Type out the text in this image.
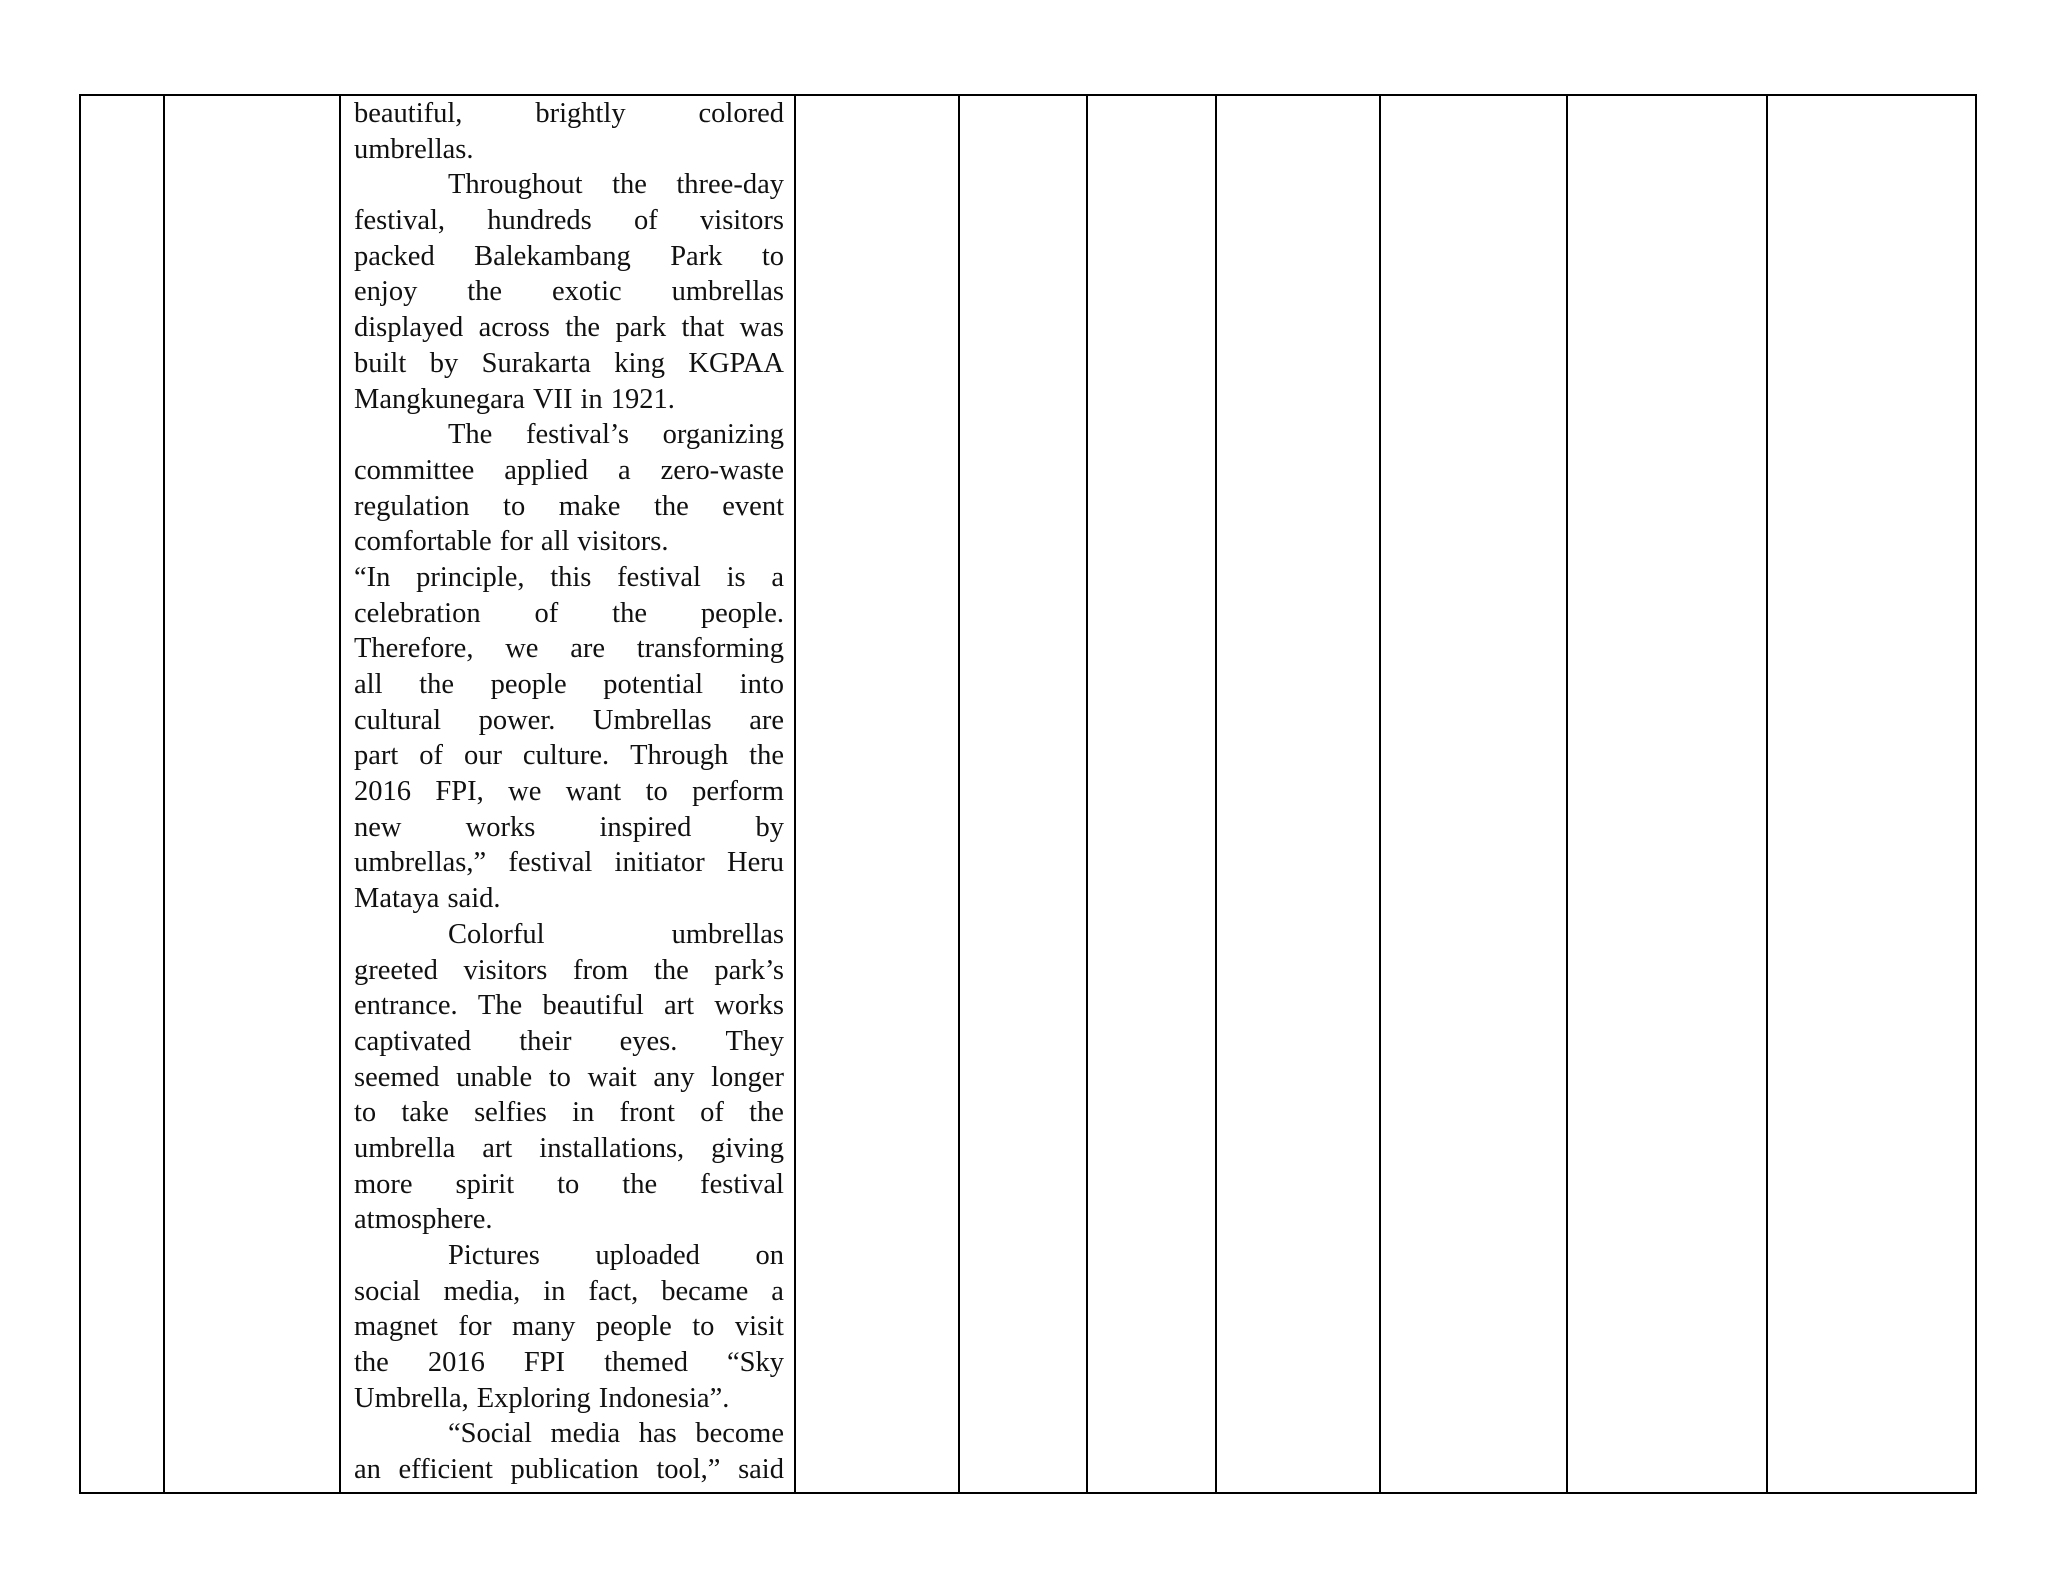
beautiful,	brightly	colored
umbrellas.
Throughout the three-day
festival, hundreds of visitors
packed Balekambang Park to
enjoy the exotic umbrellas
displayed across the park that was
built by Surakarta king KGPAA
Mangkunegara VII in 1921.
The festival’s organizing
committee applied a zero-waste
regulation to make the event
comfortable for all visitors.
“In principle, this festival is a
celebration of the people.
Therefore, we are transforming
all the people potential into
cultural power. Umbrellas are
part of our culture. Through the
2016 FPI, we want to perform
new works inspired by
umbrellas,” festival initiator Heru
Mataya said.
Colorful	umbrellas
greeted visitors from the park’s
entrance. The beautiful art works
captivated their eyes. They
seemed unable to wait any longer
to take selfies in front of the
umbrella art installations, giving
more spirit to the festival
atmosphere.
Pictures uploaded on
social media, in fact, became a
magnet for many people to visit
the 2016 FPI themed “Sky
Umbrella, Exploring Indonesia”.
“Social media has become
an efficient publication tool,” said
